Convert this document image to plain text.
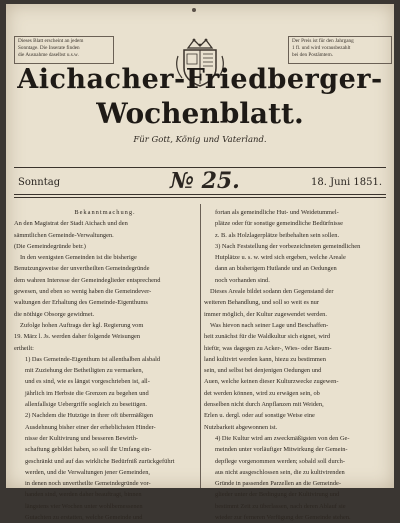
Dieses Blatt erscheint an jedem
Sonntage. Die Inserate finden
die Ausnahme daselbst u.s.w.
Der Preis ist für den Jahrgang
1 fl. und wird vorausbezahlt
bei den Postämtern.
Aichacher-Friedberger-
Wochenblatt.
Für Gott, König und Vaterland.
Sonntag	№ 25.	18. Juni 1851.
Bekanntmachung.
An den Magistrat der Stadt Aichach und den
sämmtlichen Gemeinde-Verwaltungen.
(Die Gemeindegründe betr.)
In den wenigsten Gemeinden ist die bisherige
Benutzungsweise der unvertheilten Gemeindegründe
dem wahren Interesse der Gemeindeglieder entsprechend
gewesen, und eben so wenig haben die Gemeindever-
waltungen der Erhaltung des Gemeinde-Eigenthums
die nöthige Obsorge gewidmet.
Zufolge hohen Auftrags der kgl. Regierung vom
19. März l. Js. werden daher folgende Weisungen
ertheilt:
1) Das Gemeinde-Eigenthum ist allenthalben alsbald
mit Zuziehung der Betheiligten zu vermarken,
und es sind, wie es längst vorgeschrieben ist, all-
jährlich im Herbste die Grenzen zu begehen und
allenfallsige Uebergriffe sogleich zu beseitigen.
2) Nachdem die Hutzüge in ihrer oft übermäßigen
Ausdehnung bisher einer der erheblichsten Hinder-
nisse der Kultivirung und besseren Bewirth-
schaftung gebildet haben, so soll ihr Umfang ein-
geschränkt und auf das wirkliche Bedürfniß zurückgeführt
werden, und die Verwaltungen jener Gemeinden,
in denen noch unvertheilte Gemeindegründe vor-
handen sind, werden daher beauftragt, binnen
längstens vier Wochen unter wohlbemessenen
Gutachten zu erstatten, welche Gemeinde und
fortan als gemeindliche Hut- und Weidetummel-
plätze oder für sonstige gemeindliche Bedürfnisse
z. B. als Holzlagerplätze beibehalten sein sollen.
3) Nach Feststellung der vorbezeichneten gemeindlichen
Hutplätze u. s. w. wird sich ergeben, welche Areale
dann an bisherigem Hutlande und an Oedungen
noch vorhanden sind.
Dieses Areale bildet sodann den Gegenstand der
weiteren Behandlung, und soll so weit es nur
immer möglich, der Kultur zugewendet werden.
Was hievon nach seiner Lage und Beschaffen-
heit zunächst für die Waldkultur sich eignet, wird
hiefür, was dagegen zu Acker-, Wies- oder Baum-
land kultivirt werden kann, hiezu zu bestimmen
sein, und selbst bei denjenigen Oedungen und
Auen, welche keinen dieser Kulturzwecke zugewen-
det werden können, wird zu erwägen sein, ob
denselben nicht durch Anpflanzen mit Weiden,
Erlen u. dergl. oder auf sonstige Weise eine
Nutzbarkeit abgewonnen ist.
4) Die Kultur wird am zweckmäßigsten von den Ge-
meinden unter vorläufiger Mitwirkung der Gemein-
depflege vorgenommen werden; sobald soll durch-
aus nicht ausgeschlossen sein, die zu kultivirenden
Gründe in passenden Parzellen an die Gemeinde-
glieder unter der Bedingung der Kultivirung und
bestimmt Zeit zu überlassen, nach deren Ablauf sie
wieder zur ferneren Verfügung der Gemeinde stehen.
